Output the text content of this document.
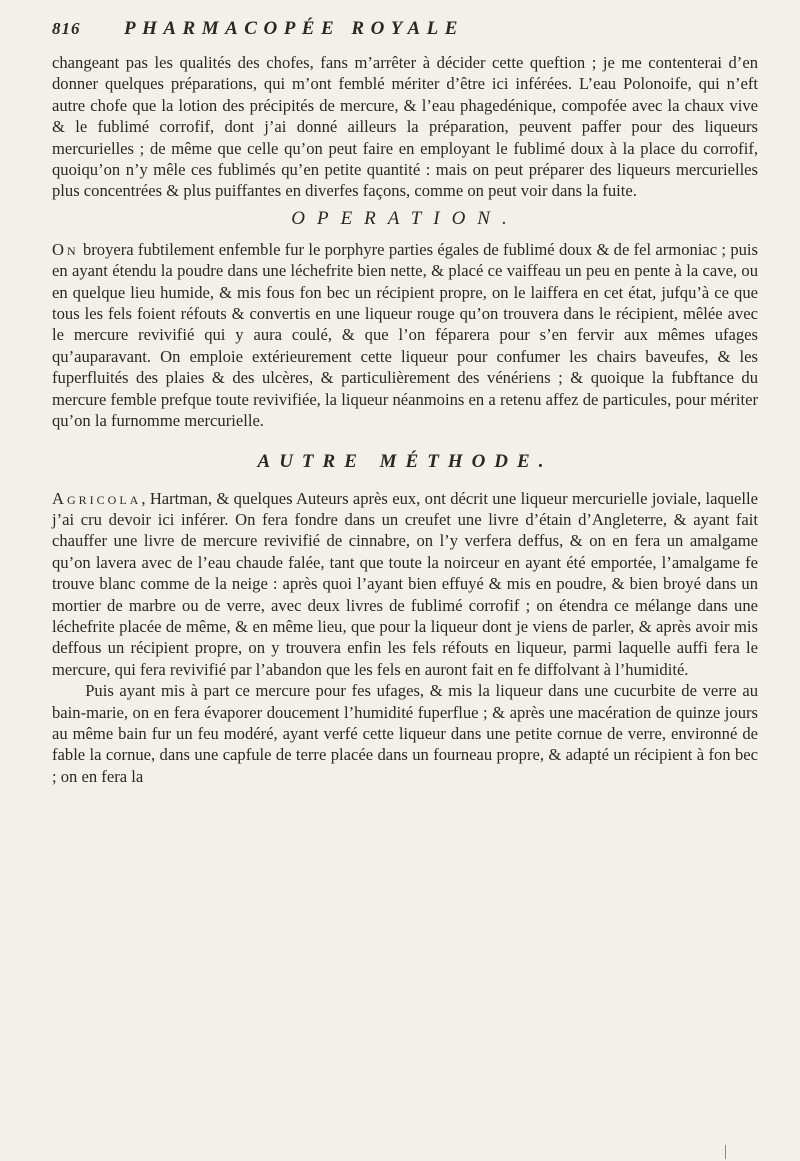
816	PHARMACOPÉE ROYALE

changeant pas les qualités des chofes, fans m’arrêter à décider cette queftion ; je me contenterai d’en donner quelques préparations, qui m’ont femblé mériter d’être ici inférées. L’eau Polonoife, qui n’eft autre chofe que la lotion des précipités de mercure, & l’eau phagedénique, compofée avec la chaux vive & le fublimé corrofif, dont j’ai donné ailleurs la préparation, peuvent paffer pour des liqueurs mercurielles ; de même que celle qu’on peut faire en employant le fublimé doux à la place du corrofif, quoiqu’on n’y mêle ces fublimés qu’en petite quantité : mais on peut préparer des liqueurs mercurielles plus concentrées & plus puiffantes en diverfes façons, comme on peut voir dans la fuite.

OPERATION.

On broyera fubtilement enfemble fur le porphyre parties égales de fublimé doux & de fel armoniac ; puis en ayant étendu la poudre dans une léchefrite bien nette, & placé ce vaiffeau un peu en pente à la cave, ou en quelque lieu humide, & mis fous fon bec un récipient propre, on le laiffera en cet état, jufqu’à ce que tous les fels foient réfouts & convertis en une liqueur rouge qu’on trouvera dans le récipient, mêlée avec le mercure revivifié qui y aura coulé, & que l’on féparera pour s’en fervir aux mêmes ufages qu’auparavant. On emploie extérieurement cette liqueur pour confumer les chairs baveufes, & les fuperfluités des plaies & des ulcères, & particulièrement des vénériens ; & quoique la fubftance du mercure femble prefque toute revivifiée, la liqueur néanmoins en a retenu affez de particules, pour mériter qu’on la furnomme mercurielle.

AUTRE MÉTHODE.

Agricola, Hartman, & quelques Auteurs après eux, ont décrit une liqueur mercurielle joviale, laquelle j’ai cru devoir ici inférer. On fera fondre dans un creufet une livre d’étain d’Angleterre, & ayant fait chauffer une livre de mercure revivifié de cinnabre, on l’y verfera deffus, & on en fera un amalgame qu’on lavera avec de l’eau chaude falée, tant que toute la noirceur en ayant été emportée, l’amalgame fe trouve blanc comme de la neige : après quoi l’ayant bien effuyé & mis en poudre, & bien broyé dans un mortier de marbre ou de verre, avec deux livres de fublimé corrofif ; on étendra ce mélange dans une léchefrite placée de même, & en même lieu, que pour la liqueur dont je viens de parler, & après avoir mis deffous un récipient propre, on y trouvera enfin les fels réfouts en liqueur, parmi laquelle auffi fera le mercure, qui fera revivifié par l’abandon que les fels en auront fait en fe diffolvant à l’humidité.

Puis ayant mis à part ce mercure pour fes ufages, & mis la liqueur dans une cucurbite de verre au bain-marie, on en fera évaporer doucement l’humidité fuperflue ; & après une macération de quinze jours au même bain fur un feu modéré, ayant verfé cette liqueur dans une petite cornue de verre, environné de fable la cornue, dans une capfule de terre placée dans un fourneau propre, & adapté un récipient à fon bec ; on en fera la
